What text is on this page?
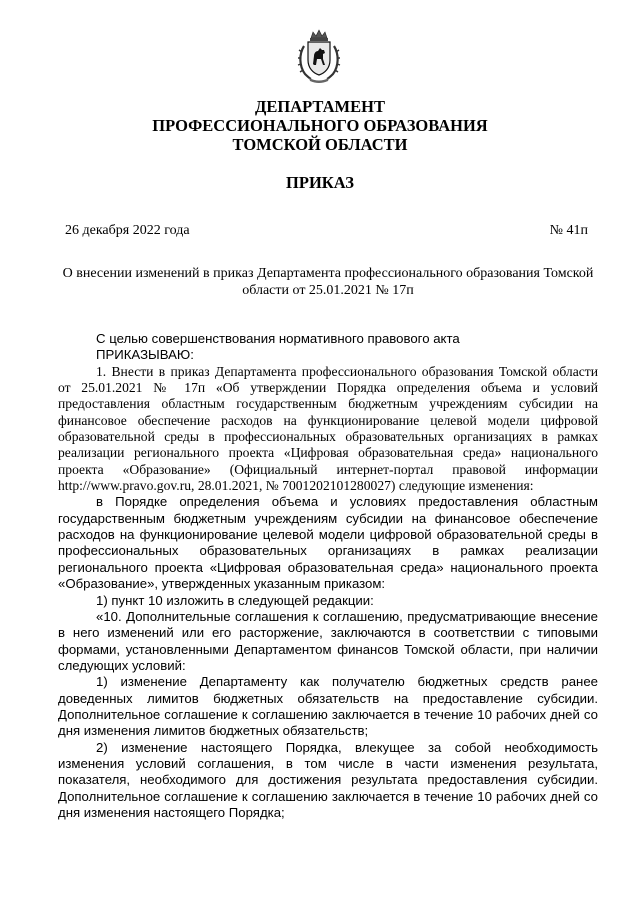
ДЕПАРТАМЕНТ
ПРОФЕССИОНАЛЬНОГО ОБРАЗОВАНИЯ
ТОМСКОЙ ОБЛАСТИ
ПРИКАЗ
26 декабря 2022 года	№ 41п
О внесении изменений в приказ Департамента профессионального образования Томской области от 25.01.2021 № 17п

С целью совершенствования нормативного правового акта

ПРИКАЗЫВАЮ:

1. Внести в приказ Департамента профессионального образования Томской области от 25.01.2021 № 17п «Об утверждении Порядка определения объема и условий предоставления областным государственным бюджетным учреждениям субсидии на финансовое обеспечение расходов на функционирование целевой модели цифровой образовательной среды в профессиональных образовательных организациях в рамках реализации регионального проекта «Цифровая образовательная среда» национального проекта «Образование» (Официальный интернет-портал правовой информации http://www.pravo.gov.ru, 28.01.2021, № 7001202101280027) следующие изменения:

в Порядке определения объема и условиях предоставления областным государственным бюджетным учреждениям субсидии на финансовое обеспечение расходов на функционирование целевой модели цифровой образовательной среды в профессиональных образовательных организациях в рамках реализации регионального проекта «Цифровая образовательная среда» национального проекта «Образование», утвержденных указанным приказом:

1) пункт 10 изложить в следующей редакции:

«10. Дополнительные соглашения к соглашению, предусматривающие внесение в него изменений или его расторжение, заключаются в соответствии с типовыми формами, установленными Департаментом финансов Томской области, при наличии следующих условий:

1) изменение Департаменту как получателю бюджетных средств ранее доведенных лимитов бюджетных обязательств на предоставление субсидии. Дополнительное соглашение к соглашению заключается в течение 10 рабочих дней со дня изменения лимитов бюджетных обязательств;

2) изменение настоящего Порядка, влекущее за собой необходимость изменения условий соглашения, в том числе в части изменения результата, показателя, необходимого для достижения результата предоставления субсидии. Дополнительное соглашение к соглашению заключается в течение 10 рабочих дней со дня изменения настоящего Порядка;
